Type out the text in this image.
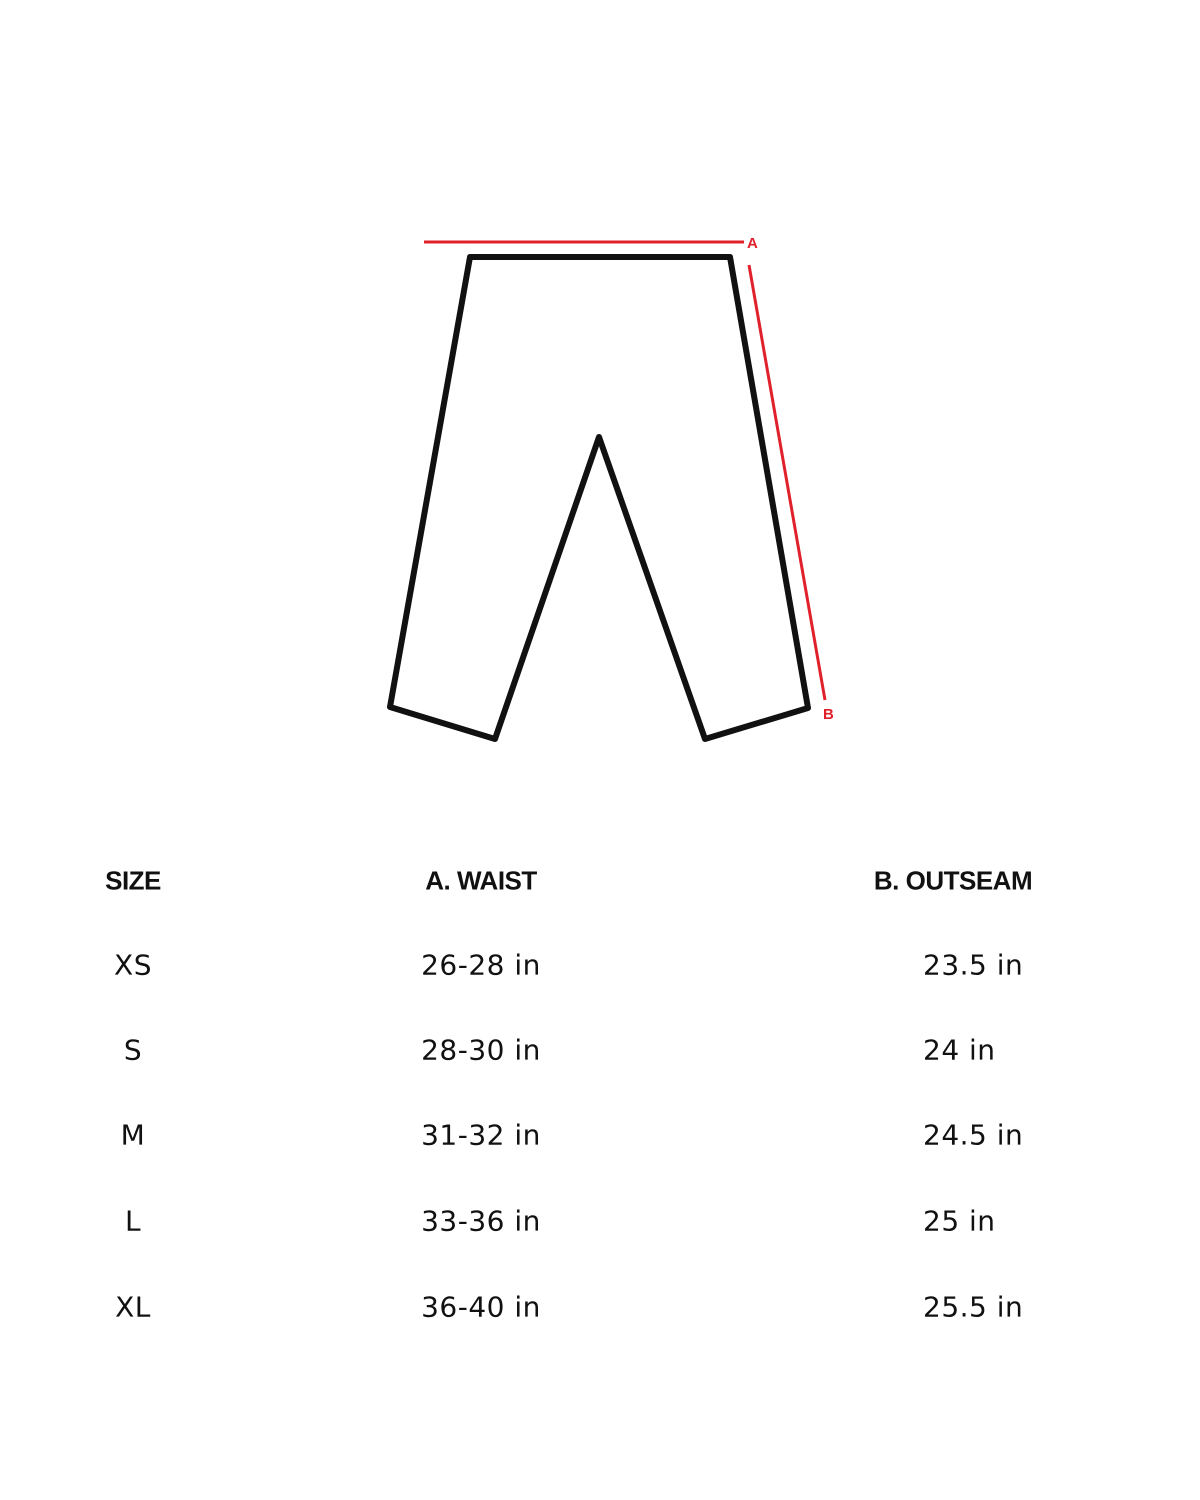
A
B
SIZE	A. WAIST	B. OUTSEAM
XS	26-28 in	23.5 in
S	28-30 in	24 in
M	31-32 in	24.5 in
L	33-36 in	25 in
XL	36-40 in	25.5 in
